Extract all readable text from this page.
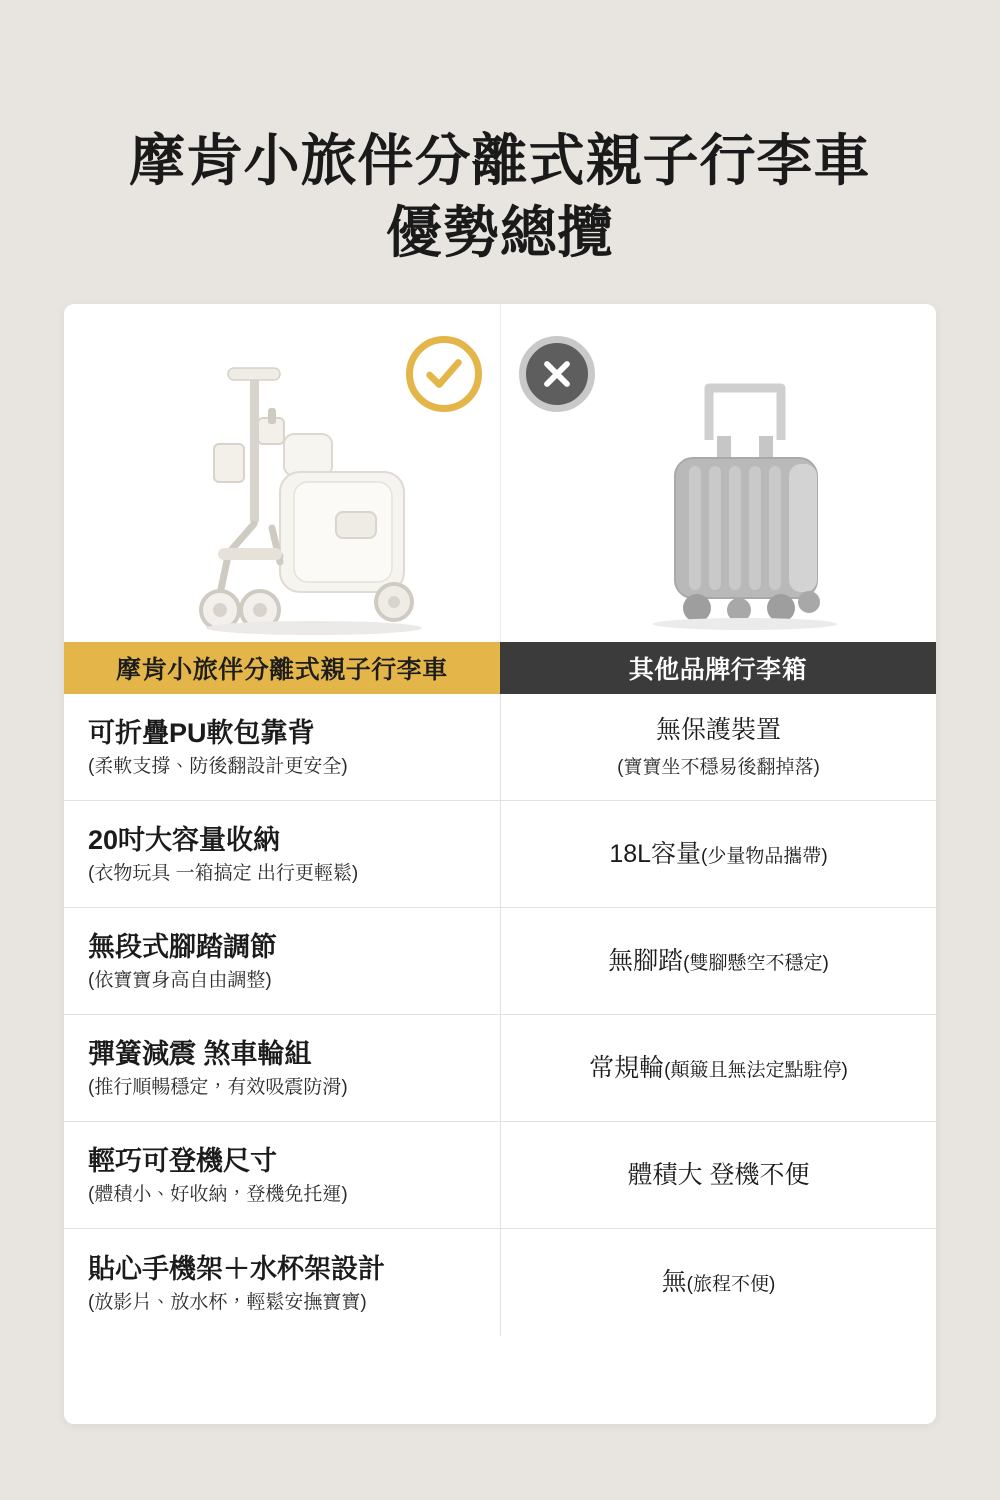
摩肯小旅伴分離式親子行李車
優勢總攬
摩肯小旅伴分離式親子行李車	其他品牌行李箱
可折疊PU軟包靠背
(柔軟支撐、防後翻設計更安全)
無保護裝置
(寶寶坐不穩易後翻掉落)
20吋大容量收納
(衣物玩具 一箱搞定 出行更輕鬆)
18L容量(少量物品攜帶)
無段式腳踏調節
(依寶寶身高自由調整)
無腳踏(雙腳懸空不穩定)
彈簧減震 煞車輪組
(推行順暢穩定，有效吸震防滑)
常規輪(顛簸且無法定點駐停)
輕巧可登機尺寸
(體積小、好收納，登機免托運)
體積大 登機不便
貼心手機架＋水杯架設計
(放影片、放水杯，輕鬆安撫寶寶)
無(旅程不便)
